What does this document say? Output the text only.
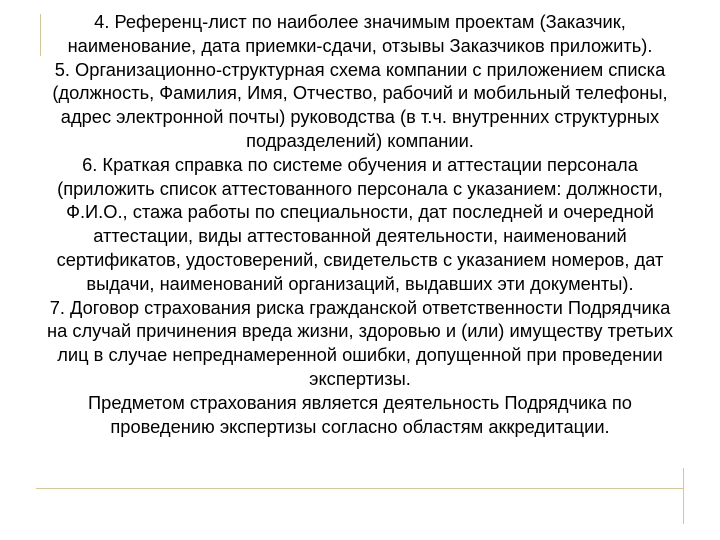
4. Референц-лист по наиболее значимым проектам (Заказчик, наименование, дата приемки-сдачи, отзывы Заказчиков приложить).
5. Организационно-структурная схема компании с приложением списка (должность, Фамилия, Имя, Отчество, рабочий и мобильный телефоны, адрес электронной почты) руководства (в т.ч. внутренних структурных подразделений) компании.
6. Краткая справка по системе обучения и аттестации персонала (приложить список аттестованного персонала с указанием: должности, Ф.И.О., стажа работы по специальности, дат последней и очередной аттестации, виды аттестованной деятельности, наименований сертификатов, удостоверений, свидетельств с указанием номеров, дат выдачи, наименований организаций, выдавших эти документы).
7. Договор страхования риска гражданской ответственности Подрядчика на случай причинения вреда жизни, здоровью и (или) имуществу третьих лиц в случае непреднамеренной ошибки, допущенной при проведении экспертизы.
Предметом страхования является деятельность Подрядчика по проведению экспертизы согласно областям аккредитации.
